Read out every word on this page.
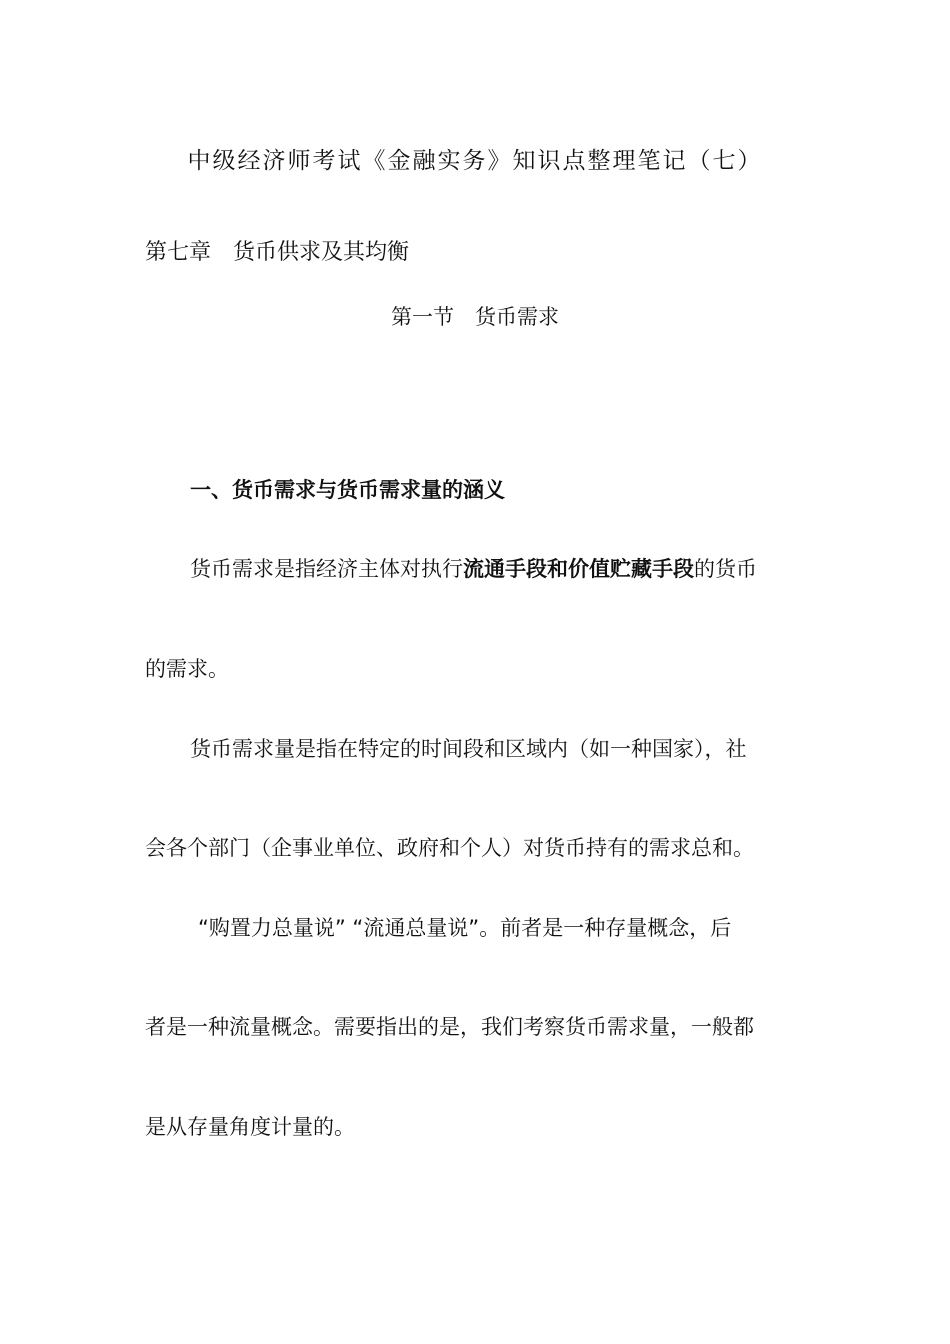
中级经济师考试《金融实务》知识点整理笔记（七）
第七章　货币供求及其均衡
第一节　货币需求
一、货币需求与货币需求量的涵义
货币需求是指经济主体对执行流通手段和价值贮藏手段的货币
的需求。
货币需求量是指在特定的时间段和区域内（如一种国家），社
会各个部门（企事业单位、政府和个人）对货币持有的需求总和。
“购置力总量说” “流通总量说”。前者是一种存量概念，后
者是一种流量概念。需要指出的是，我们考察货币需求量，一般都
是从存量角度计量的。
